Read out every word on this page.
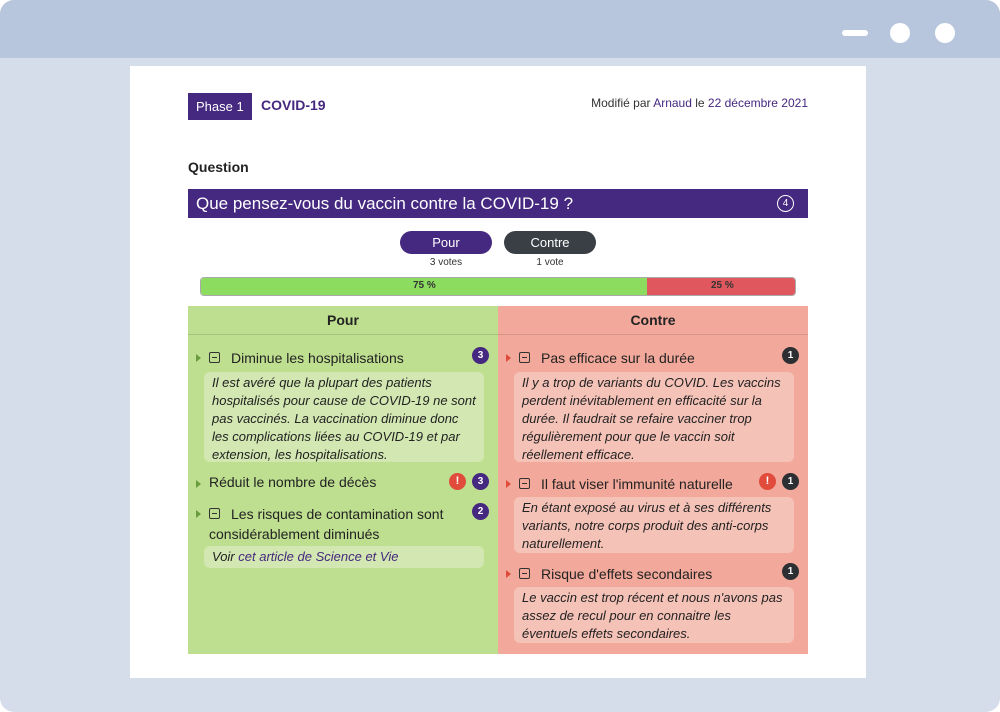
Phase 1	COVID-19	Modifié par Arnaud le 22 décembre 2021
Question
Que pensez-vous du vaccin contre la COVID-19 ?	4
Pour
3 votes
Contre
1 vote
75 %	25 %
Pour
Diminue les hospitalisations	3
Il est avéré que la plupart des patients hospitalisés pour cause de COVID-19 ne sont pas vaccinés. La vaccination diminue donc les complications liées au COVID-19 et par extension, les hospitalisations.
Réduit le nombre de décès	!	3
Les risques de contamination sont considérablement diminués
2
Voir cet article de Science et Vie
Contre
Pas efficace sur la durée	1
Il y a trop de variants du COVID. Les vaccins perdent inévitablement en efficacité sur la durée. Il faudrait se refaire vacciner trop régulièrement pour que le vaccin soit réellement efficace.
Il faut viser l'immunité naturelle	!	1
En étant exposé au virus et à ses différents variants, notre corps produit des anti-corps naturellement.
Risque d'effets secondaires	1
Le vaccin est trop récent et nous n'avons pas assez de recul pour en connaitre les éventuels effets secondaires.
